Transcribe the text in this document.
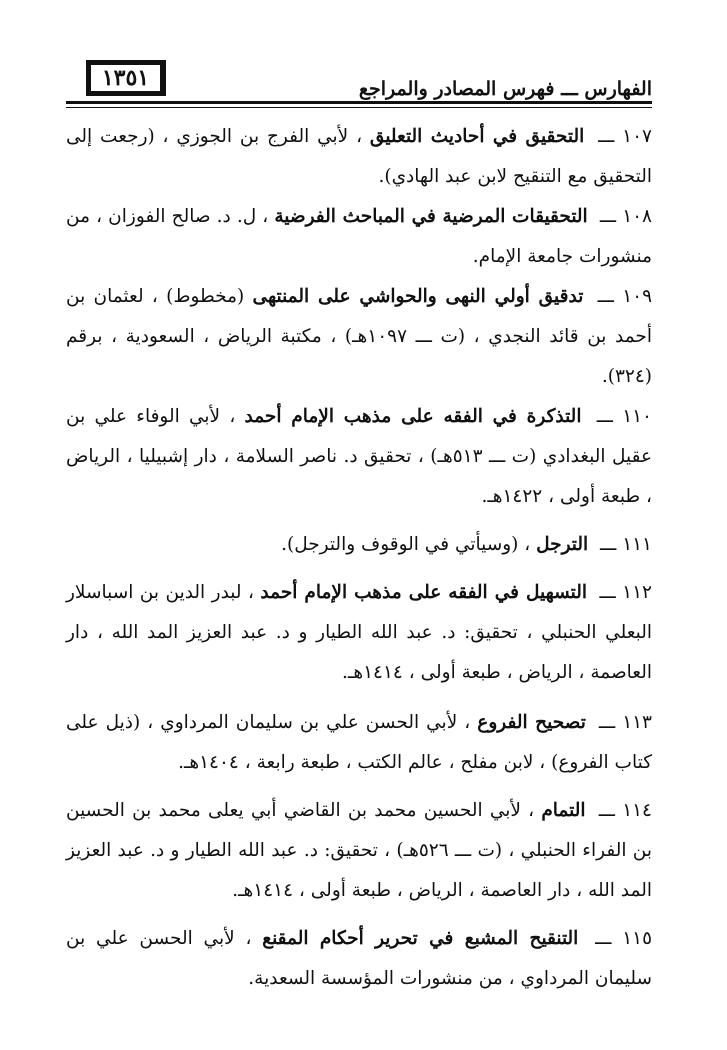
١٣٥١	الفهارس ـــ فهرس المصادر والمراجع

١٠٧ ـــ التحقيق في أحاديث التعليق ، لأبي الفرج بن الجوزي ، (رجعت إلى التحقيق مع التنقيح لابن عبد الهادي).

١٠٨ ـــ التحقيقات المرضية في المباحث الفرضية ، ل. د. صالح الفوزان ، من منشورات جامعة الإمام.

١٠٩ ـــ تدقيق أولي النهى والحواشي على المنتهى (مخطوط) ، لعثمان بن أحمد بن قائد النجدي ، (ت ـــ ١٠٩٧هـ) ، مكتبة الرياض ، السعودية ، برقم (٣٢٤).

١١٠ ـــ التذكرة في الفقه على مذهب الإمام أحمد ، لأبي الوفاء علي بن عقيل البغدادي (ت ـــ ٥١٣هـ) ، تحقيق د. ناصر السلامة ، دار إشبيليا ، الرياض ، طبعة أولى ، ١٤٢٢هـ.

١١١ ـــ الترجل ، (وسيأتي في الوقوف والترجل).

١١٢ ـــ التسهيل في الفقه على مذهب الإمام أحمد ، لبدر الدين بن اسباسلار البعلي الحنبلي ، تحقيق: د. عبد الله الطيار و د. عبد العزيز المد الله ، دار العاصمة ، الرياض ، طبعة أولى ، ١٤١٤هـ.

١١٣ ـــ تصحيح الفروع ، لأبي الحسن علي بن سليمان المرداوي ، (ذيل على كتاب الفروع) ، لابن مفلح ، عالم الكتب ، طبعة رابعة ، ١٤٠٤هـ.

١١٤ ـــ التمام ، لأبي الحسين محمد بن القاضي أبي يعلى محمد بن الحسين بن الفراء الحنبلي ، (ت ـــ ٥٢٦هـ) ، تحقيق: د. عبد الله الطيار و د. عبد العزيز المد الله ، دار العاصمة ، الرياض ، طبعة أولى ، ١٤١٤هـ.

١١٥ ـــ التنقيح المشبع في تحرير أحكام المقنع ، لأبي الحسن علي بن سليمان المرداوي ، من منشورات المؤسسة السعدية.
